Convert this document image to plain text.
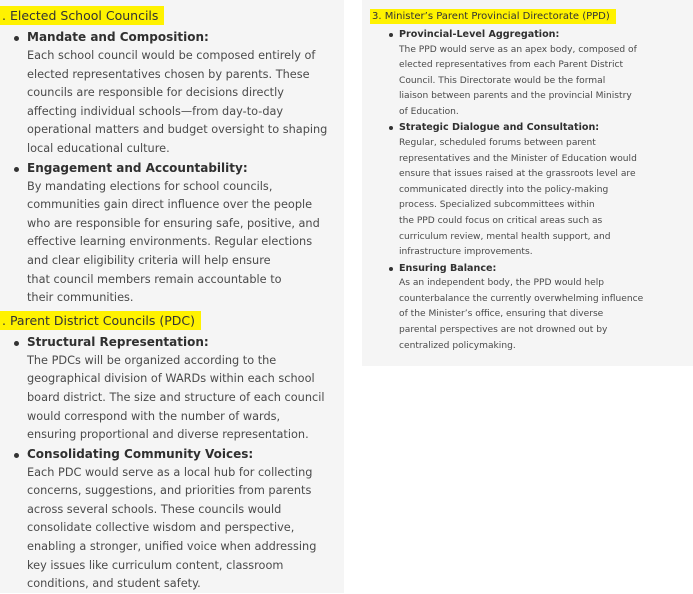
. Elected School Councils
Mandate and Composition:
Each school council would be composed entirely of
elected representatives chosen by parents. These
councils are responsible for decisions directly
affecting individual schools—from day-to-day
operational matters and budget oversight to shaping
local educational culture.
Engagement and Accountability:
By mandating elections for school councils,
communities gain direct influence over the people
who are responsible for ensuring safe, positive, and
effective learning environments. Regular elections
and clear eligibility criteria will help ensure
that council members remain accountable to
their communities.
. Parent District Councils (PDC)
Structural Representation:
The PDCs will be organized according to the
geographical division of WARDs within each school
board district. The size and structure of each council
would correspond with the number of wards,
ensuring proportional and diverse representation.
Consolidating Community Voices:
Each PDC would serve as a local hub for collecting
concerns, suggestions, and priorities from parents
across several schools. These councils would
consolidate collective wisdom and perspective,
enabling a stronger, unified voice when addressing
key issues like curriculum content, classroom
conditions, and student safety.
3. Minister’s Parent Provincial Directorate (PPD)
Provincial-Level Aggregation:
The PPD would serve as an apex body, composed of
elected representatives from each Parent District
Council. This Directorate would be the formal
liaison between parents and the provincial Ministry
of Education.
Strategic Dialogue and Consultation:
Regular, scheduled forums between parent
representatives and the Minister of Education would
ensure that issues raised at the grassroots level are
communicated directly into the policy-making
process. Specialized subcommittees within
the PPD could focus on critical areas such as
curriculum review, mental health support, and
infrastructure improvements.
Ensuring Balance:
As an independent body, the PPD would help
counterbalance the currently overwhelming influence
of the Minister’s office, ensuring that diverse
parental perspectives are not drowned out by
centralized policymaking.
